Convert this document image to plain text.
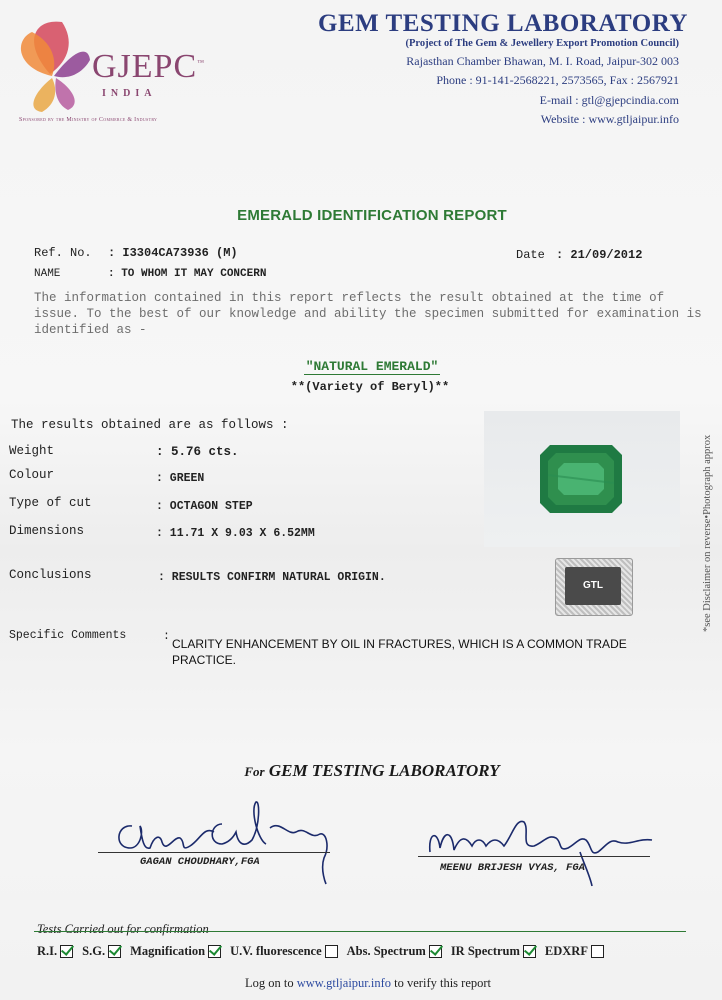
GJEPC™
INDIA
Sponsored by the Ministry of Commerce & Industry
GEM TESTING LABORATORY
(Project of The Gem & Jewellery Export Promotion Council)
Rajasthan Chamber Bhawan, M. I. Road, Jaipur-302 003
Phone : 91-141-2568221, 2573565, Fax : 2567921
E-mail : gtl@gjepcindia.com
Website : www.gtljaipur.info
EMERALD IDENTIFICATION REPORT
Ref. No. : I3304CA73936 (M)	Date : 21/09/2012
NAME	: TO WHOM IT MAY CONCERN
The information contained in this report reflects the result obtained at the time of issue. To the best of our knowledge and ability the specimen submitted for examination is identified as -
"NATURAL EMERALD"
**(Variety of Beryl)**
The results obtained are as follows :
Weight	: 5.76 cts.
Colour	: GREEN
Type of cut	: OCTAGON STEP
Dimensions	: 11.71 X 9.03 X 6.52MM
Conclusions	: RESULTS CONFIRM NATURAL ORIGIN.
GTL	*see Disclaimer on reverse•Photograph approx
Specific Comments	:
CLARITY ENHANCEMENT BY OIL IN FRACTURES, WHICH IS A COMMON TRADE PRACTICE.
For GEM TESTING LABORATORY
GAGAN CHOUDHARY,FGA	MEENU BRIJESH VYAS, FGA
Tests Carried out for confirmation
R.I. S.G. Magnification U.V. fluorescence Abs. Spectrum IR Spectrum EDXRF
Log on to www.gtljaipur.info to verify this report
